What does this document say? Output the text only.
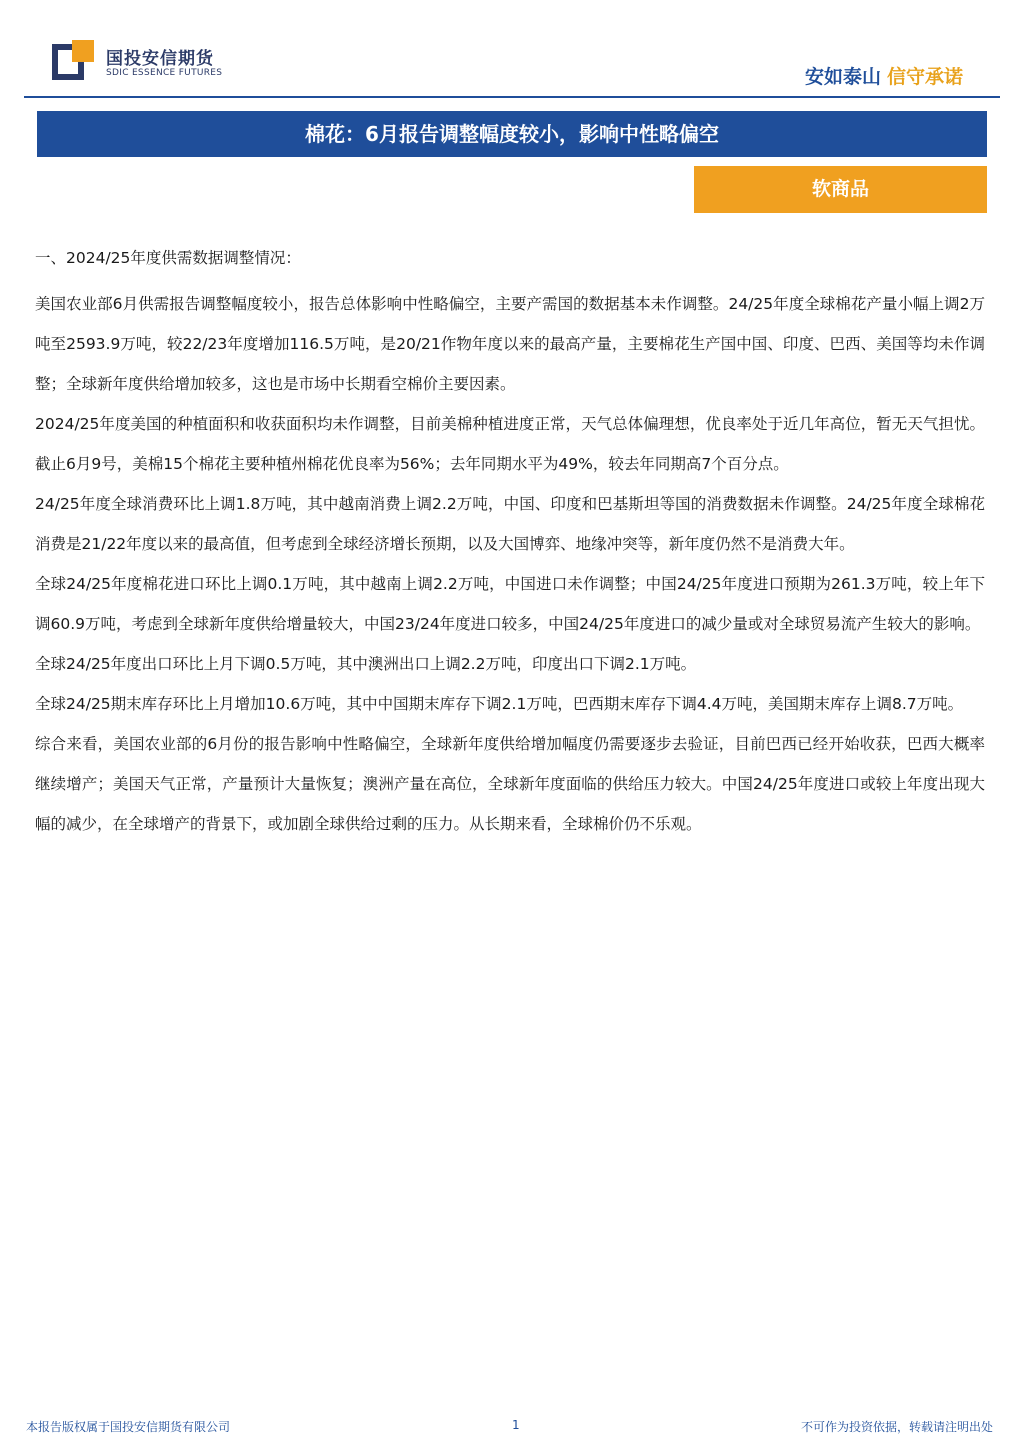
国投安信期货
SDIC ESSENCE FUTURES	安如泰山 信守承诺
棉花：6月报告调整幅度较小，影响中性略偏空
软商品

一、2024/25年度供需数据调整情况：

美国农业部6月供需报告调整幅度较小，报告总体影响中性略偏空，主要产需国的数据基本未作调整。24/25年度全球棉花产量小幅上调2万吨至2593.9万吨，较22/23年度增加116.5万吨，是20/21作物年度以来的最高产量，主要棉花生产国中国、印度、巴西、美国等均未作调整；全球新年度供给增加较多，这也是市场中长期看空棉价主要因素。

2024/25年度美国的种植面积和收获面积均未作调整，目前美棉种植进度正常，天气总体偏理想，优良率处于近几年高位，暂无天气担忧。截止6月9号，美棉15个棉花主要种植州棉花优良率为56%；去年同期水平为49%，较去年同期高7个百分点。

24/25年度全球消费环比上调1.8万吨，其中越南消费上调2.2万吨，中国、印度和巴基斯坦等国的消费数据未作调整。24/25年度全球棉花消费是21/22年度以来的最高值，但考虑到全球经济增长预期，以及大国博弈、地缘冲突等，新年度仍然不是消费大年。

全球24/25年度棉花进口环比上调0.1万吨，其中越南上调2.2万吨，中国进口未作调整；中国24/25年度进口预期为261.3万吨，较上年下调60.9万吨，考虑到全球新年度供给增量较大，中国23/24年度进口较多，中国24/25年度进口的减少量或对全球贸易流产生较大的影响。

全球24/25年度出口环比上月下调0.5万吨，其中澳洲出口上调2.2万吨，印度出口下调2.1万吨。

全球24/25期末库存环比上月增加10.6万吨，其中中国期末库存下调2.1万吨，巴西期末库存下调4.4万吨，美国期末库存上调8.7万吨。

综合来看，美国农业部的6月份的报告影响中性略偏空，全球新年度供给增加幅度仍需要逐步去验证，目前巴西已经开始收获，巴西大概率继续增产；美国天气正常，产量预计大量恢复；澳洲产量在高位，全球新年度面临的供给压力较大。中国24/25年度进口或较上年度出现大幅的减少，在全球增产的背景下，或加剧全球供给过剩的压力。从长期来看，全球棉价仍不乐观。

本报告版权属于国投安信期货有限公司	1	不可作为投资依据，转载请注明出处
